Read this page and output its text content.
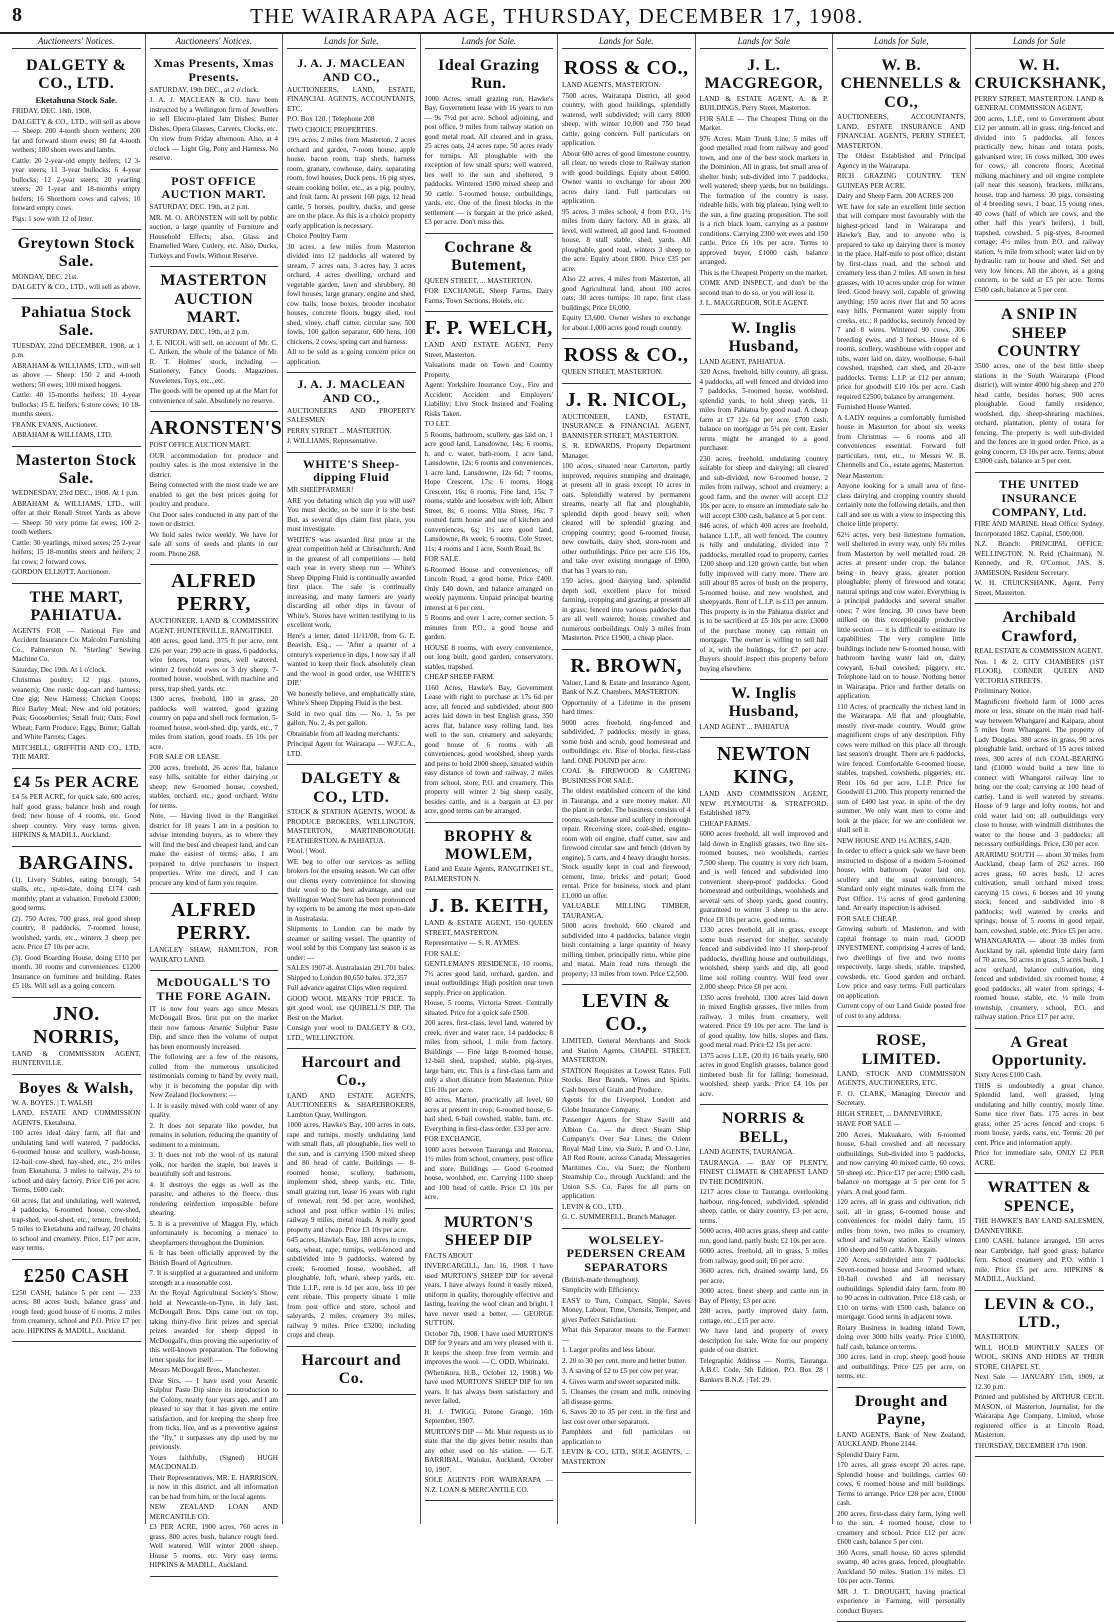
8	THE WAIRARAPA AGE, THURSDAY, DECEMBER 17, 1908.
Auctioneers' Notices.
DALGETY & CO., LTD.
Eketahuna Stock Sale.

FRIDAY, DEC. 18th, 1908.

DALGETY & CO., LTD., will sell as above — Sheep: 200 4-tooth shorn wethers; 200 fat and forward shorn ewes; 80 fat 4-tooth wethers; 180 shorn ewes and lambs.

Cattle: 20 2-year-old empty heifers; 12 3-year steers; 11 3-year bullocks; 6 4-year bullocks; 12 2-year steers; 20 yearling steers; 20 1-year and 18-months empty heifers; 16 Shorthorn cows and calves; 10 forward empty cows.

Pigs: 1 sow with 12 of litter.

Greytown Stock Sale.

MONDAY, DEC. 21st.

DALGETY & CO., LTD., will sell as above.

Pahiatua Stock Sale.

TUESDAY, 22nd DECEMBER, 1908, at 1 p.m.

ABRAHAM & WILLIAMS, LTD., will sell as above — Sheep: 150 2 and 4-tooth wethers; 50 ewes; 100 mixed hoggets.

Cattle: 40 15-months heifers; 10 4-year bullocks; 15 E. heifers; 6 store cows; 10 18-months steers.

FRANK EVANS, Auctioneer.

ABRAHAM & WILLIAMS, LTD.

Masterton Stock Sale.

WEDNESDAY, 23rd DEC., 1908. At 1 p.m.

ABRAHAM & WILLIAMS, LTD., will offer at their Renall Street Yards as above — Sheep: 50 very prime fat ewes; 100 2-tooth wethers.

Cattle: 30 yearlings, mixed sexes; 25 2-year heifers; 15 18-months steers and heifers; 2 fat cows; 2 forward cows.

GORDON ELLIOTT, Auctioneer.

THE MART, PAHIATUA.

AGENTS FOR — National Fire and Accident Insurance Co. Malcolm Furnishing Co., Palmerston N. "Sterling" Sewing Machine Co.

Saturday, Dec 19th. At 1 o'clock.

Christmas poultry; 12 pigs (stores, weaners); One rustic dog-cart and harness; One gig; New Harness; Chicken Coops; Rice Barley Meal; New and old potatoes; Peas; Gooseberries; Small fruit; Oats; Fowl Wheat; Farm Produce; Eggs; Butter; Gallah and White Parrots; Cages.

MITCHELL, GRIFFITH AND CO., LTD. THE MART.

£4 5s PER ACRE

£4 5s PER ACRE, for quick sale, 600 acres, half good grass, balance bush and rough feed; new house of 4 rooms, etc. Good sheep country. Very easy terms given. HIPKINS & MADILL, Auckland.

BARGAINS.

(1). Livery Stables, eating borough, 54 stalls, etc., up-to-date, doing £174 cash monthly, plant at valuation. Freehold £3000; good terms.

(2). 750 Acres, 700 grass, real good sheep country, 8 paddocks, 7-roomed house, woolshed, yards, etc., winters 3 sheep per acre. Price £7 10s per acre.

(3). Good Boarding House, doing £110 per month, 30 rooms and conveniences. £1200 Insurance on furniture and building. Rates £5 10s. Will sell as a going concern.

JNO. NORRIS,

LAND & COMMISSION AGENT, HUNTERVILLE.

Boyes & Walsh,

W. A. BOYES. | T. WALSH

LAND, ESTATE AND COMMISSION AGENTS, Eketahuna.

100 acres ideal dairy farm, all flat and undulating land well watered, 7 paddocks, 6-roomed house and scullery, wash-house, 12-bail cow-shed, hay-shed, etc., 2½ miles from Eketahuna, 3 miles to railway, 2½ to school and dairy factory. Price £16 per acre. Terms, £600 cash.

60 acres, flat and undulating, well watered, 4 paddocks, 6-roomed house, cow-shed, trap-shed, wool-shed, etc., tenure, freehold; 5 miles to Eketahuna and railway, 20 chains to school and creamery. Price, £17 per acre, easy terms.

£250 CASH

£250 CASH, balance 5 per cent — 233 acres, 80 acres bush, balance grass and rough feed; good house of 6 rooms, 2 miles from creamery, school and P.O. Price £7 per acre. HIPKINS & MADILL, Auckland.

Auctioneers' Notices.
Xmas Presents, Xmas Presents.

SATURDAY, 19th DEC., at 2 o'clock.

J. A. J. MACLEAN & CO. have been instructed by a Wellington firm of Jewellers to sell Electro-plated Jam Dishes, Butter Dishes, Opera Glasses, Carvers, Clocks, etc.

On view from Friday afternoon. Also, at 4 o'clock — Light Gig, Pony and Harness. No reserve.

POST OFFICE AUCTION MART.

SATURDAY, DEC. 19th, at 2 p.m.

MR. M. O. ARONSTEN will sell by public auction, a large quantity of Furniture and Household Effects; also, Glass and Enamelled Ware, Cutlery, etc. Also, Ducks, Turkeys and Fowls. Without Reserve.

MASTERTON AUCTION MART.

SATURDAY, DEC. 19th, at 2 p.m.

J. E. NICOL will sell, on account of Mr. C. C. Aitken, the whole of the balance of Mr. R. T. Holmes' stock, including — Stationery, Fancy Goods, Magazines, Novelettes, Toys, etc., etc.

The goods will be opened up at the Mart for convenience of sale. Absolutely no reserve.

ARONSTEN'S

POST OFFICE AUCTION MART.

OUR accommodation for produce and poultry sales is the most extensive in the district.

Being connected with the most trade we are enabled to get the best prices going for poultry and produce.

Out Door sales conducted in any part of the town or district.

We hold sales twice weekly. We have for sale all sorts of seeds and plants in our room. Phone 268.

ALFRED PERRY,

AUCTIONEER, LAND & COMMISSION AGENT, HUNTERVILLE, RANGITIKEI.

400 acres, good land, 375 ft per acre, rent £26 per year; 290 acre in grass, 6 paddocks, wire fences, totara posts, well watered, winter 2 freehold ewes or 3 dry sheep; 7-roomed house, woolshed, with machine and press, trap shed, yards, etc.

1300 acres, freehold, 180 in grass, 20 paddocks well watered, good grazing country on papa and shell rock formation, 5-roomed house, wool-shed, dip, yards, etc., 7 miles from station, good roads. £6 10s per acre.

FOR SALE OR LEASE.

200 acres, freehold, 26 acres flat, balance easy hills, suitable for either dairying or sheep; new 6-roomed house, cowshed, stables, orchard, etc.; good orchard. Write for terms.

Note. — Having lived in the Rangitikei district for 18 years I am in a position to advise intending buyers, as to where they will find the best and cheapest land, and can make the easiest of terms; also, I am prepared to drive purchasers to inspect properties. Write me direct, and I can procure any kind of farm you require.

ALFRED PERRY.

LANGLEY SHAW, HAMILTON, FOR WAIKATO LAND.

McDOUGALL'S TO THE FORE AGAIN.

IT is now four years ago since Messrs McDougall Bros. first put on the market their now famous Arsenic Sulphur Paste Dip, and since then the volume of output has been enormously increased.

The following are a few of the reasons, culled from the numerous unsolicited testimonials coming to hand by every mail, why it is becoming the popular dip with New Zealand flockowners: —

1. It is easily mixed with cold water of any quality.

2. It does not separate like powder, but remains in solution, reducing the quantity of sediment to a minimum.

3. It does not rob the wool of its natural yolk, nor harden the staple, but leaves it beautifully soft and lustrous.

4. It destroys the eggs as well as the parasite, and adheres to the fleece, thus rendering reinfection impossible before shearing.

5. It is a preventive of Maggot Fly, which unfortunately is becoming a menace to sheepfarmers throughout the Dominion.

6. It has been officially approved by the British Board of Agriculture.

7. It is supplied at a guaranteed and uniform strength at a reasonable cost.

At the Royal Agricultural Society's Show, held at Newcastle-on-Tyne, in July last, McDougall Bros. Dips came out on top, taking thirty-five first prizes and special prizes awarded for sheep dipped in McDougall's, thus proving the superiority of this well-known preparation. The following letter speaks for itself: —

Messrs McDougall Bros., Manchester.

Dear Sirs, — I have used your Arsenic Sulphur Paste Dip since its introduction to the Colony, nearly four years ago, and I am pleased to say that it has given me entire satisfaction, and for keeping the sheep free from ticks, lice, and as a preventive against the "fly," it surpasses any dip used by me previously.

Yours faithfully, (Signed) HUGH MACDONALD.

Their Representatives, MR. E. HARRISON, is now in this district, and all information can be had from him, or the local agents.

NEW ZEALAND LOAN AND MERCANTILE CO.

£3 PER ACRE, 1900 acres, 760 acres in grass, 800 acres bush, balance rough feed. Well watered. Will winter 2000 sheep. House 5 rooms, etc. Very easy terms. HIPKINS & MADILL, Auckland.

Lands for Sale.
J. A. J. MACLEAN AND CO.,

AUCTIONEERS, LAND, ESTATE, FINANCIAL AGENTS, ACCOUNTANTS, ETC.

P.O. Box 120. | Telephone 208

TWO CHOICE PROPERTIES.

19½ acres, 2 miles from Masterton, 2 acres orchard and garden, 7-room house, apple house, bacon room, trap sheds, harness room, granary, cowhouse, dairy, separating room, fowl houses, Duck pens, 16 pig styes, steam cooking boiler, etc., as a pig, poultry, and fruit farm. At present 160 pigs, 12 head cattle, 5 horses, poultry, ducks, and geese are on the place. As this is a choice property early application is necessary.

Choice Poultry Farm

30 acres, a few miles from Masterton divided into 12 paddocks all watered by stream, 7 acres oats, 3 acres hay, 3 acres orchard, 4 acres dwelling, orchard and vegetable garden, lawn and shrubbery, 80 fowl houses, large granary, engine and shed, cow bails, loose boxes, brooder incubator houses, concrete floors, buggy shed, tool shed, viney, chaff cutter, circular saw, 500 fowls, 100 gallon separator, 600 hens, 100 chickens, 2 cows, spring cart and harness.

All to be sold as a going concern price on application.

J. A. J. MACLEAN AND CO.,

AUCTIONEERS AND PROPERTY SALESMEN

PERRY STREET ... MASTERTON.

J. WILLIAMS, Representative.

WHITE'S Sheep-dipping Fluid

MR SHEEPFARMER!

ARE you debating which dip you will use? You must decide, so be sure it is the best. But, as several dips claim first place, you must investigate.

WHITE'S was awarded first prize at the great competition held at Christchurch. And in the greatest of all competitions — held each year in every sheep run — White's Sheep Dipping Fluid is continually awarded first place. The sale is continually increasing, and many farmers are yearly discarding all other dips in favour of White's. Stores have written testifying to its excellent work.

Here's a letter, dated 11/11/08, from G. E. Beavish, Esq., — 'After a quarter of a century's experience in dips, I now say if all wanted to keep their flock absolutely clean and the wool in good order, use WHITE'S DIP.'

We honestly believe, and emphatically state, White's Sheep Dipping Fluid is the best.

Sold in two qual tins — No. 1, 5s per gallon, No. 2, 4s per gallon.

Obtainable from all leading merchants.

Principal Agent for Wairarapa — W.F.C.A., LTD.

DALGETY & CO., LTD.

STOCK & STATION AGENTS, WOOL & PRODUCE BROKERS, WELLINGTON, MASTERTON, MARTINBOROUGH, FEATHERSTON, & PAHIATUA.

Wool. | Wool.

WE beg to offer our services as selling brokers for the ensuing season. We can offer our clients every convenience for showing their wool to the best advantage, and our Wellington Wool Store has been pronounced by experts to be among the most up-to-date in Australasia.

Shipments to London can be made by steamer or sailing vessel. The quantity of wool sold by this Company last season is as under: —

SALES 1907-8. Australasian 291,701 bales. Shipped to London 80,650 bales. 372,357

Full advance against Clips when required.

GOOD WOOL MEANS TOP PRICE. To get good wool, use QUIBELL'S DIP, The Best on the Market.

Consign your wool to DALGETY & CO., LTD., WELLINGTON.

Harcourt and Co.,

LAND AND ESTATE AGENTS, AUCTIONEERS & SHAREBROKERS, Lambton Quay, Wellington.

1000 acres, Hawke's Bay, 100 acres in oats, rape and turnips, mostly undulating land with small flats, all ploughable, lies well to the sun, and is carrying 1500 mixed sheep and 80 head of cattle. Buildings — 8-roomed house, scullery, bathroom, implement shed, sheep yards, etc. Title, small grazing run, lease 16 years with right of renewal, rent 9d per acre, woolshed, school and post office within 1½ miles; railway 9 miles, metal roads. A really good property and cheap. Price £3 10s per acre.

645 acres, Hawke's Bay, 180 acres in crops, oats, wheat, rape, turnips, well-fenced and subdivided into 9 paddocks, watered by creek; 6-roomed house, woolshed, all ploughable, loft, wharé, sheep yards, etc. Title L.I.P., rent is 1d per acre, less 10 per cent rebate. This property situate 1 mile from post office and store, school and saleyards, 2 miles, creamery 3½ miles, railway 9 miles. Price £3200, including crops and cheap.

Harcourt and Co.
Lands for Sale.
Ideal Grazing Run.

1000 Acres, small grazing run, Hawke's Bay, Government lease with 16 years to run — 9s 7½d per acre. School adjoining, and post office, 9 miles from railway station on good metal road. All cleared and in grass, 25 acres oats, 24 acres rape, 50 acres ready for turnips. All ploughable with the exception of few small spurs; well watered, lies well to the sun and sheltered, 9 paddocks. Wintered 1500 mixed sheep and 50 cattle. 5-roomed house, outbuildings, yards, etc. One of the finest blocks in the settlement — is bargain at the price asked, £3 per acre. Don't miss this.

Cochrane & Butement,

QUEEN STREET, ... MASTERTON.

FOR EXCHANGE, Sheep Farms, Dairy Farms, Town Sections, Hotels, etc.

F. P. WELCH,

LAND AND ESTATE AGENT, Perry Street, Masterton.

Valuations made on Town and Country Property.

Agent: Yorkshire Insurance Coy., Fire and Accident; Accident and Employers' Liability; Live Stock Insured and Foaling Risks Taken.

TO LET.

5 Rooms, bathroom, scullery, gas laid on, 1 acre good land, Lansdowne, 14s; 6 rooms, h. and c. water, bath-room, 1 acre land, Lansdowne, 12s; 6 rooms and conveniences, 1 acre land, Lansdowne, 12s 6d; 7 rooms, Hope Crescent, 17s; 6 rooms, Hogg Crescent, 16s; 6 rooms, Fine land, 15s; 7 rooms, stable and loosebox with loft, Albert Street, 8s; 6 rooms, Villa Street, 16s; 7 roomed farm house and use of kitchen and conveniences, 6s; 1½ acre good land, Lansdowne, 8s week; 6 rooms, Cole Street, 11s; 4 rooms and 1 acre, South Road, 8s.

FOR SALE.

6-Roomed House and conveniences, off Lincoln Road, a good home. Price £400. Only £40 down, and balance arranged on weekly payments. Unpaid principal bearing interest at 6 per cent.

5 Rooms and over 1 acre, corner section, 5 minutes from P.O., a good house and garden.

HOUSE 8 rooms, with every convenience, out long built, good garden, conservatory, stables, trapshed.

CHEAP SHEEP FARM.

1160 Acres, Hawke's Bay, Government Lease with right to purchase at 17s 6d per acre, all fenced and subdivided, about 800 acres laid down in best English grass, 350 acres flat, balance easy rolling land, lies well to the sun, creamery and saleyards; good house of 6 rooms with all conveniences, good woolshed, sheep yards and pens to hold 2000 sheep, situated within easy distance of town and railway, 2 miles from school, store, P.O. and creamery. This property will winter 2 big sheep easily, besides cattle, and is a bargain at £3 per acre, good terms can be arranged.

BROPHY & MOWLEM,

Land and Estate Agents, RANGITIKEI ST., PALMERSTON N.

J. B. KEITH,

LAND & ESTATE AGENT, 150 QUEEN STREET, MASTERTON.

Representative — S. R. AYMES.

FOR SALE:

GENTLEMAN'S RESIDENCE, 10 rooms, 7½ acres good land, orchard, garden, and usual outbuildings. High position near town supply. Price on application.

House, 5 rooms, Victoria Street. Centrally situated. Price for a quick sale £500.

200 acres, first-class, level land, watered by creek, river and water race, 14 paddocks; 8 miles from school, 1 mile from factory. Buildings — Fine large 8-roomed house, 12-bail shed, trapshed, stable, pig-styes, large barn, etc. This is a first-class farm and only a short distance from Masterton. Price £16 10s per acre.

80 acres, Marton, practically all level, 60 acres at present in crop; 6-roomed house, 6-bail shed, 6-bail cowshed, stable, barn, etc. Everything in first-class order. £33 per acre.

FOR EXCHANGE.

1000 acres between Tauranga and Rotorua, 1½ miles from school, creamery, post office and store. Buildings — Good 6-roomed house, woolshed, etc. Carrying 1100 sheep and 100 head of cattle. Price £3 10s per acre.

MURTON'S SHEEP DIP

FACTS ABOUT

INVERCARGILL, Jan. 16, 1908. I have used MURTON'S SHEEP DIP for several years. I have always found it easily mixed, uniform in quality, thoroughly effective and lasting, leaving the wool clean and bright. I have never used a better. — GEORGE SUTTON.

October 7th, 1908. I have used MURTON'S DIP for 9 years and am very pleased with it. It keeps the sheep free from vermin and improves the wool. — C. ODD, Whirinaki.

(Whetukura, H.B., October 12, 1908.) We have used MURTON'S SHEEP DIP for ten years. It has always been satisfactory and never failed.

H. J. TWIGG, Potone Grange, 16th September, 1907.

MURTON'S DIP — Mr. Muir requests us to state that the dip gives better results than any other used on his station. — G.T. BARRIBAL, Waiuku, Auckland, October 10, 1907.

SOLE AGENTS FOR WAIRARAPA — N.Z. LOAN & MERCANTILE CO.

Lands for Sale.
ROSS & CO.,

LAND AGENTS, MASTERTON.

7500 acres, Wairarapa District, all good country, with good buildings, splendidly watered, well subdivided; will carry 8000 sheep, with winter 10,000 and 750 head cattle, going concern. Full particulars on application.

About 600 acres of good limestone country, all clear, no weeds close to Railway station with good buildings. Equity about £4000. Owner wants to exchange for about 200 acres dairy land. Full particulars on application.

95 acres, 3 miles school, 4 from P.O., 1½ miles from dairy factory. All in grass, all level, well watered, all good land. 6-roomed house, 8 stall stable, shed, yards. All ploughable, good road, winters 3 sheep to the acre. Equity about £800. Price £35 per acre.

Also 22 acres, 4 miles from Masterton, all good Agricultural land, about 100 acres oats; 30 acres turnips; 10 rape, first class buildings; Price £6,000.

Equity £3,600. Owner wishes to exchange for about 1,000 acres good rough country.

ROSS & CO.,

QUEEN STREET, MASTERTON.

J. R. NICOL,

AUCTIONEER, LAND, ESTATE, INSURANCE & FINANCIAL AGENT, BANNISTER STREET, MASTERTON.

S. R. EDWARDS, Property Department Manager.

100 acres, situated near Carterton, partly improved, requires stumping and drainage, at present all in grass except 10 acres in oats. Splendidly watered by permanent streams, nearly all flat and ploughable, splendid depth good heavy soil; when cleared will be splendid grazing and cropping country; good 6-roomed house, new cowbails, dairy shed, store-room and other outbuildings. Price per acre £16 10s, and take over existing mortgage of £900, that has 3 years to run.

150 acres, good dairying land, splendid depth soil, excellent place for mixed farming, cropping and grazing; at present all in grass; fenced into various paddocks that are all well watered; house, cowshed and numerous outbuildings. Only 3 miles from Masterton. Price £1900, a cheap place.

R. BROWN,

Valuer, Land & Estate and Insurance Agent, Bank of N.Z. Chambers, MASTERTON.

Opportunity of a Lifetime in the present hard times:

9000 acres freehold, ring-fenced and subdivided, 7 paddocks, mostly in grass, some bush and scrub, good homestead and outbuildings, etc. Rise of blocks, first-class land. ONE POUND per acre.

COAL & FIREWOOD & CARTING BUSINESS FOR SALE.

The oldest established concern of the kind in Tauranga, and a sure money maker. All the plant in order. The business consists of 4 rooms, wash-house and scullery in thorough repair. Receiving store, coal-shed, engine-room with oil engine, chaff cutter, saw and firewood circular saw and bench (driven by engine), 5 carts, and 4 heavy draught horses. Stock usually kept in coal and firewood, cement, lime, bricks and potari; Good rental. Price for business, stock and plant £1,000 on offer.

VALUABLE MILLING TIMBER, TAURANGA.

5000 acres freehold, 660 cleared and subdivided into 4 paddocks, balance virgin bush containing a large quantity of heavy milling timber, principally rimu, white pine and matai. Main road runs through the property; 13 miles from town. Price £2,500.

LEVIN & CO.,

LIMITED, General Merchants and Stock and Station Agents, CHAPEL STREET, MASTERTON.

STATION Requisites at Lowest Rates. Full Stocks. Best Brands. Wines and Spirits. Cash buyers of Grain and Produce.

Agents for the Liverpool, London and Globe Insurance Company.

Passenger Agents for Shaw Savill and Albion Co. — the direct Steam Ship Company's Over Sea Lines, the Orient Royal Mail Line, via Suez, P. and O. Line, All Red Route, across Canada; Messageries Maritimes Co., via Suez; the Northern Steamship Co., through Auckland; and the Union S.S. Co. Fares for all parts on application.

LEVIN & CO., LTD.

G. C. SUMMERELL, Branch Manager.

WOLSELEY-PEDERSEN CREAM SEPARATORS

(British-made throughout).

Simplicity with Efficiency.

EASY to Turn, Compact, Simple, Saves Money, Labour, Time, Utensils, Temper, and gives Perfect Satisfaction.

What this Separator means to the Farmer: —

1. Larger profits and less labour.

2. 20 to 30 per cent. more and better butter.

3. A saving of £2 to £5 per cow per year.

4. Gives warm and sweet separated milk.

5. Cleanses the cream and milk, removing all disease germs.

6. Saves 20 to 35 per cent. in the first and last cost over other separators.

Pamphlets and full particulars on application to

LEVIN & CO., LTD., SOLE AGENTS, ... MASTERTON

Lands for Sale
J. L. MACGREGOR,

LAND & ESTATE AGENT, A. & P. BUILDINGS, Perry Street, Masterton.

FOR SALE — The Cheapest Thing on the Market.

976 Acres, Main Trunk Line, 5 miles off good metalled road from railway and good town, and one of the best stock markets in the Dominion. All in grass, but small area of shelter bush; sub-divided into 7 paddocks, well watered; sheep yards, but no buildings. The formation of the country is easy, rideable hills, with big plateau, lying well to the sun, a fine grazing proposition. The soil is a rich black loam, carrying as a pasture conditions. Carrying 2300 wet ewes and 150 cattle. Price £6 10s per acre. Terms to approved buyer, £1000 cash, balance arranged.

This is the Cheapest Property on the market.

COME AND INSPECT, and don't be the second man to do so, or you will lose it.

J. L. MACGREGOR, SOLE AGENT.

W. Inglis Husband,

LAND AGENT, PAHIATUA.

320 Acres, freehold, hilly country, all grass, 4 paddocks, all well fenced and divided into 7 paddocks, 5-roomed house, woolshed, splendid yards, to hold sheep yards, 11 miles from Pahiatua by good road. A cheap farm at £7 12s 6d per acre. £700 cash, balance on mortgage at 5¼ per cent. Easier terms might be arranged to a good purchaser.

230 acres, freehold, undulating country suitable for sheep and dairying; all cleared and sub-divided, now 6-roomed house, 2 miles from railway, school and creamery; a good farm, and the owner will accept £12 10s per acre, to ensure an immediate sale he will accept £300 cash, balance at 5 per cent.

846 acres, of which 400 acres are freehold, balance L.I.P., all well fenced. The country is hilly and undulating, divided into 7 paddocks, metalled road to property, carries 1200 sheep and 120 grown cattle, but when fully improved will carry more. There are still about 85 acres of bush on the property, 5-roomed house, and new woolshed, and sheepyards. Rent of L.I.P. is £13 per annum. This property is in the Pahiatua district and is to be sacrificed at £5 10s per acre. £3000 of the purchase money can remain on mortgage. The owner is willing to sell half of it, with the buildings, for £7 per acre. Buyers should inspect this property before buying elsewhere.

W. Inglis Husband,

LAND AGENT ... PAHIATUA

NEWTON KING,

LAND AND COMMISSION AGENT, NEW PLYMOUTH & STRATFORD. Established 1879.

CHEAP FARMS.

6000 acres freehold, all well improved and laid down in English grasses, two fine six-roomed houses, two woolsheds, carries 7,500 sheep. The country is very rich loam, and is well fenced and subdivided into convenient sheep-proof paddocks. Good homestead and outbuildings, woolsheds and several sets of sheep yards, good country, guaranteed to winter 3 sheep to the acre. Price £8 10s per acre, good terms.

1330 acres freehold, all in grass, except some bush reserved for shelter, securely fenced and subdivided into 11 sheep-proof paddocks, dwelling house and outbuildings, woolshed, sheep yards and dip, all good lime soil rolling country. Will feed over 2,000 sheep. Price £8 per acre.

1350 acres freehold, 1300 acres laid down in mixed English grasses, five miles from railway, 3 miles from creamery, well watered. Price £9 10s per acre. The land is of good quality, low hills, slopes and flats, good metal road. Price £2 15s per acre.

1375 acres L.I.P., (20 ft) 16 bails yearly, 600 acres in good English grasses, balance good timbered bush fit for falling; homestead, woolshed, sheep yards. Price £4 10s per acre.

NORRIS & BELL,

LAND AGENTS, TAURANGA.

TAURANGA — BAY OF PLENTY, FINEST CLIMATE & CHEAPEST LAND IN THE DOMINION.

1217 acres close to Tauranga, overlooking harbour, ring-fenced, subdivided, splendid sheep, cattle, or dairy country, £3 per acre, terms.

5000 acres, 400 acres grass, sheep and cattle run, good land, partly bush; £2 10s per acre.

6000 acres, freehold, all in grass, 5 miles from railway, good soil; £6 per acre.

3600 acres, rich, drained swamp land, £6 per acre.

3000 acres, finest sheep and cattle run in Bay of Plenty; £3 per acre.

280 acres, partly improved dairy farm, cottage, etc., £15 per acre.

We have land and property of every description for sale. Write for our property guide of our district.

Telegraphic Address — Norris, Tauranga. A.B.C. Code, 5th Edition. P.O. Box 28 | Bankers B.N.Z. | Tel. 29.

Lands for Sale,
W. B. CHENNELLS & CO.,

AUCTIONEERS, ACCOUNTANTS, LAND, ESTATE INSURANCE AND FINANCIAL AGENTS, PERRY STREET, MASTERTON.

The Oldest Established and Principal Agency in the Wairarapa.

RICH GRAZING COUNTRY. TEN GUINEAS PER ACRE.

Dairy and Sheep Farm. 200 ACRES 200

WE have for sale an excellent little section that will compare most favourably with the highest-priced land in Wairarapa and Hawke's Bay, and to anyone who is prepared to take up dairying there is money in the place. Half-mile to post office; distant by first-class road, and the school and creamery less than 2 miles. All sown in best grasses, with 10 acres under crop for winter feed. Good heavy soil, capable of growing anything; 150 acres river flat and 50 acres easy hills. Permanent water supply from creeks, etc.; 8 paddocks, securely fenced by 7 and 8 wires. Wintered 90 cows, 306 breeding ewes, and 3 horses. House of 6 rooms, scullery, washhouse with copper and tubs, water laid on, dairy, woolhouse, 6-bail cowshed, trapshed, cart shed, and 20-acre paddocks. Terms: L.I.P. at £12 per annum; price for goodwill £10 10s per acre. Cash required £2500, balance by arrangement.

Furnished House Wanted.

A LADY requires a comfortably furnished house in Masterton for about six weeks from Christmas — 6 rooms and all conveniences essential. Forward full particulars, rent, etc., to Messrs W. B. Chennells and Co., estate agents, Masterton.

Near Masterton:

Anyone looking for a small area of first-class dairying and cropping country should certainly note the following details, and then call and see us with a view to inspecting this choice little property.

62½ acres, very best limestone formation, well sheltered in every way, only 6¾ miles from Masterton by well metalled road. 28 acres at present under crop, the balance being in heavy grass, greater portion ploughable; plenty of firewood and totara; natural springs and cow water. Everything is a principal paddocks and several smaller ones; 7 wire fencing. 30 cows have been milked on this exceptionally productive little section — it is difficult to estimate its capabilities. The very complete little buildings include new 6-roomed house, with bathroom having water laid on, dairy, cowyard, 6-bail cowshed, piggery, etc. Telephone laid on to house. Nothing better in Wairarapa. Price and further details on application.

110 Acres, of practically the richest land in the Wairarapa. All flat and ploughable, mostly river-made country. Would grow magnificent crops of any description. Fifty cows were milked on this place all through last season's drought. There are 6 paddocks, wire fenced. Comfortable 6-roomed house, stables, trapshed, cowsheds, piggeries, etc. Rent 10s 6d per acre, L.I.P. Price for Goodwill £1,200. This property returned the sum of £400 last year, in spite of the dry summer. We only want men to come and look at the place; for we are confident we shall sell it.

NEW HOUSE AND 1¼ ACRES, £420.

In order to effect a quick sale we have been instructed to dispose of a modern 5-roomed house, with bathroom (water laid on), scullery and the usual conveniences. Standard only eight minutes walk from the Post Office. 1¼ acres of good gardening land. An early inspection is advised.

FOR SALE CHEAP.

Growing suburb of Masterton, and with capital frontage to main road, GOOD INVESTMENT, comprising 4 acres of land, two dwellings of five and two rooms respectively, large sheds, stable, trapshed, cowsheds, etc. Good garden and orchard. Low price and easy terms. Full particulars on application.

Current copy of our Land Guide posted free of cost to any address.

ROSE, LIMITED.

LAND, STOCK AND COMMISSION AGENTS, AUCTIONEERS, ETC.

F. O. CLARK, Managing Director and Secretary.

HIGH STREET, ... DANNEVIRKE.

HAVE FOR SALE —

200 Acres, Makuakaro, with 6-roomed house, 6-bail cowshed and all necessary outbuildings. Sub-divided into 5 paddocks, and now carrying 40 mixed cattle, 60 cows, 50 sheep etc. Price £17 per acre; £900 cash, balance on mortgage at 5 per cent for 5 years. A real good farm.

120 acres, all in grass and cultivation, rich soil, all in grass; 6-roomed house and conveniences for model dairy farm, 15 miles from town, two miles to creamery, school and railway station. Easily winters 100 sheep and 50 cattle. A bargain.

220 Acres, subdivided into 7 paddocks. Seven-roomed house and 3-roomed whare, 10-bail cowshed and all necessary outbuildings. Splendid dairy farm, from 80 to 90 acres in cultivation. Price £18 cash, or £10 on terms with £500 cash, balance on mortgage. Good terms in adjacent town.

Rotary Business in leading inland Town, doing over 3000 bills yearly. Price £1000, half cash, balance on terms.

300 acres, land in crop, sheep, good house and outbuildings. Price £25 per acre, on terms, etc.

Drought and Payne,

LAND AGENTS, Bank of New Zealand, AUCKLAND. Phone 2144.

Splendid Dairy Farm.

170 acres, all grass except 20 acres rape. Splendid house and buildings, carries 60 cows, 6 roomed house and mill buildings. Terms to arrange. Price £28 per acre, £1000 cash.

200 acres, first-class dairy farm, lying well to the sun, 4 roomed house, close to creamery and school. Price £12 per acre. £600 cash, balance 5 per cent.

360 Acres, small house, 60 acres splendid swamp, 40 acres grass, fenced, ploughable. Auckland 50 miles. Station 1½ miles. £3 10s per acre. Terms.

MR J. T. DROUGHT, having practical experience in Farming, will personally conduct Buyers.

Lands for Sale
W. H. CRUICKSHANK,

PERRY STREET, MASTERTON. LAND & GENERAL COMMISSION AGENT,

200 acres, L.I.P., rent to Government about £12 per annum, all in grass, ring-fenced and divided into 5 paddocks, all fences practically new, hinau and totara posts, galvanised wire; 16 cows milked, 300 ewes for cows, all concrete floors; Acetinal milking machinery and oil engine complete (all near this season), brackets, milkcans, house, trap and harness. 30 pigs, consisting of 4 breeding sows, 1 boar, 15 young ones, 40 cows (half of which are cows, and the other half this year's heifers), 1 bull, trapshed, cowshed, 5 pig-styes, 8-roomed cottage; 4½ miles from P.O. and railway station, ½ mile from school; water laid on by hydraulic ram to house and shed. Set and very low fences. All the above, as a going concern, to be sold at £5 per acre. Terms £500 cash, balance at 5 per cent.

A SNIP IN SHEEP COUNTRY

3500 acres, one of the best little sheep stations in the South Wairarapa (Flood district), will winter 4000 big sheep and 270 head cattle, besides horses; 900 acres ploughable. Good family residence, woolshed, dip, sheep-shearing machines, orchard, plantation, plenty of totara for fencing. The property is well sub-divided and the fences are in good order. Price, as a going concern, £3 10s per acre. Terms, about £3000 cash, balance at 5 per cent.

THE UNITED INSURANCE COMPANY, Ltd.

FIRE AND MARINE. Head Office: Sydney. Incorporated 1862. Capital, £500,000.

N.Z. Branch: PRINCIPAL OFFICE: WELLINGTON; N. Reid (Chairman), N. Kennedy, and R. O'Connor. JAS. S. JAMIESON, Resident Secretary.

W. H. CRUICKSHANK, Agent, Perry Street, Masterton.

Archibald Crawford,

REAL ESTATE & COMMISSION AGENT.

Nos. 1 & 2, CITY CHAMBERS (1ST FLOOR), CORNER QUEEN AND VICTORIA STREETS.

Preliminary Notice.

Magnificent freehold farm of 1000 acres more or less, situate on the main road half-way between Whangarei and Kaipara, about 5 miles from Whangarei. The property of Lady Douglas. 380 acres in grass, 90 acres ploughable land, orchard of 15 acres mixed trees, 300 acres of rich COAL-BEARING land (£1000 would build a new line to connect with Whangarei railway line to bring out the coal; carrying at 100 head of cattle). Land is well watered by streams. House of 9 large and lofty rooms, hot and cold water laid on; all outbuildings very close to house; with windmill distributes the water to the house and 3 paddocks; all necessary outbuildings. Price, £30 per acre.

ARARIMU SOUTH — about 30 miles from Auckland, cheap farm of 262 acres, 160 acres grass, 60 acres bush, 12 acres cultivation, small orchard mixed trees; carrying 15 cows, 6 horses and 10 young stock; fenced and subdivided into 8 paddocks; well watered by creeks and springs; house of 5 rooms in good repair, barn, cowshed, stable, etc. Price £5 per acre.

WHANGARATA — about 38 miles from Auckland by rail, splendid little dairy farm of 70 acres, 50 acres in grass, 5 acres bush, 1 acre orchard, balance cultivation, ring fenced and subdivided, six roomed house; 4 good paddocks, all water from springs; 4-roomed house, stable, etc. ½ mile from township, creamery, school, P.O. and railway station. Price £17 per acre.

A Great Opportunity.

Sixty Acres £100 Cash.

THIS is undoubtedly a great chance. Splendid land, well grassed, lying undulating and hilly country, mostly lime. Some nice river flats. 175 acres in best grass, other 25 acres fenced and crops. 6 room house, yards, carts, etc. Terms: 20 per cent. Price and information apply.

Price for immediate sale, ONLY £2 PER ACRE.

WRATTEN & SPENCE,

THE HAWKE'S BAY LAND SALESMEN, DANNEVIRKE.

£100 CASH, balance arranged. 150 acres near Cambridge, half good grass, balance fern. School creamery and P.O. within 1 mile. Price £5 per acre. HIPKINS & MADILL, Auckland.

LEVIN & CO., LTD.,

MASTERTON.

WILL HOLD MONTHLY SALES OF WOOL, SKINS AND HIDES AT THEIR STORE, CHAPEL ST.

Next Sale — JANUARY 15th, 1909, at 12.30 p.m.

Printed and published by ARTHUR CECIL MASON, of Masterton, Journalist, for the Wairarapa Age Company, Limited, whose registered office is at Lincoln Road, Masterton.

THURSDAY, DECEMBER 17th 1908.
